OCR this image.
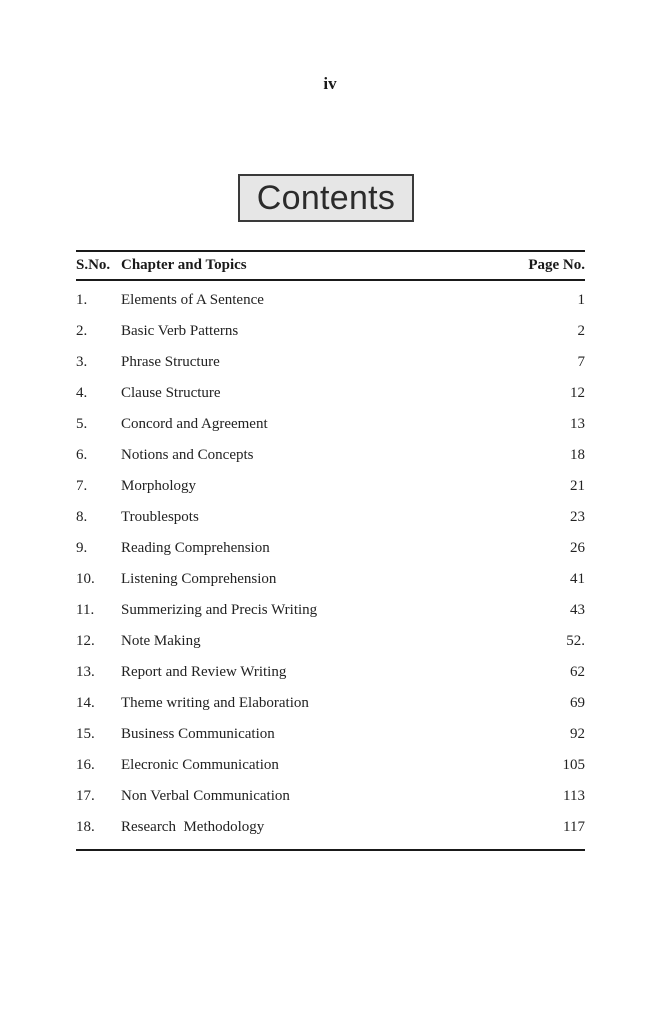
iv
Contents
S.No. Chapter and Topics	Page No.
1.	Elements of A Sentence	1
2.	Basic Verb Patterns	2
3.	Phrase Structure	7
4.	Clause Structure	12
5.	Concord and Agreement	13
6.	Notions and Concepts	18
7.	Morphology	21
8.	Troublespots	23
9.	Reading Comprehension	26
10.	Listening Comprehension	41
11.	Summerizing and Precis Writing	43
12.	Note Making	52.
13.	Report and Review Writing	62
14.	Theme writing and Elaboration	69
15.	Business Communication	92
16.	Elecronic Communication	105
17.	Non Verbal Communication	113
18.	Research  Methodology	117
